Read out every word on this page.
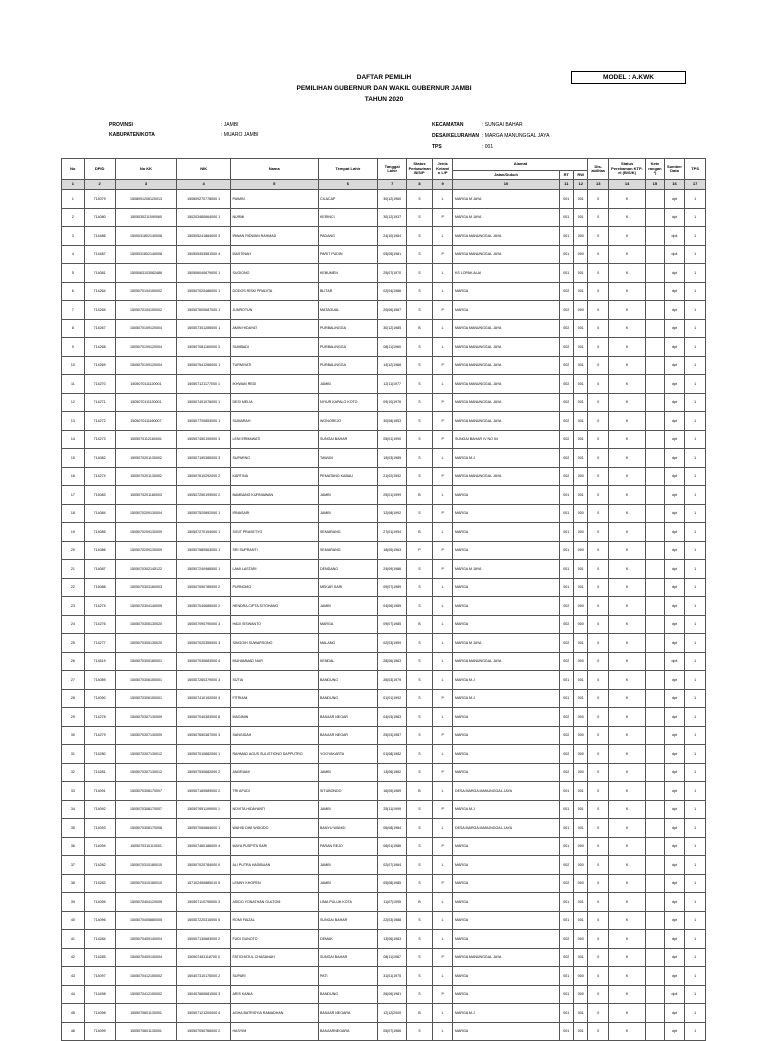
MODEL : A.KWK
DAFTAR PEMILIH
PEMILIHAN GUBERNUR DAN WAKIL GUBERNUR JAMBI
TAHUN 2020
PROVINSI	: JAMBI
KABUPATEN/KOTA	: MUARO JAMBI
KECAMATAN	: SUNGAI BAHAR
DESA/KELURAHAN : MARGA MANUNGGAL JAYA
TPS	: 001
No	DPID	No KK	NIK	Nama	Tempat Lahir	Tanggal Lahir	Status Perkawinan B/S/P	Jenis Kelami n L/P	Alamat			Dis- abilitas	Status Perekaman KTP-el (B/S/K)	Kete rangan *)	Sumber Data	TPS
									Jalan/Dukuh	RT	RW					
1	2	3	4	5	6	7	8	9	10	11	12	13	14	15	16	17
1	714079	1508091206120013	150809270778000 1	PAIMIN	CILACAP	30|12|1960	S	L	MARGA M JAYA	001	001	0	K		dpt	1
2	714080	1505030211090060	150203480664000 1	NURMI	KERINCI	30|12|1937	S	P	MARGA M JAYA	001	001	0	K		dpt	1
3	714486	1505031802140008	150505241884000 3	IRWAN RIDWAN RAHMAD	PADANG	24|10|1984	S	L	MARGA MANUNGGAL JAYA	001	000	0	K		dp4	1
4	714487	1505031802140008	150505453581000 4	MASTINAH	PARIT PUDIN	05|05|1981	S	P	MARGA MANUNGGAL JAYA	001	000	0	K		dp4	1
5	714081	1505063103082486	150506040679000 1	SUGIONO	KEBUMEN	25|07|1970	S	L	KS LOPAK ALAI	001	001	0	K		dpt	1
6	714264	1505070104150002	150507020486000 1	DODOS RISKI PRADITA	BLITAR	02|04|1986	S	L	MARGA	002	001	0	K		dpt	1
7	714265	1505070104150002	150507600687000 1	JUNROTUN	MATAGUAL	20|06|1987	S	P	MARGA	002	000	0	K		dpt	1
8	714267	1505070109120004	150507301285000 1	AMIN HIDAYAT	PURBALINGGA	30|12|1985	B	L	MARGA MANUNGGAL JAYA	002	001	0	K		dpt	1
9	714268	1505070109120004	150507081160000 3	SUMBADI	PURBALINGGA	08|11|1960	S	L	MARGA MANUNGGAL JAYA	002	001	0	K		dpt	1
10	714269	1505070109120004	150507541266000 1	TURMIYATI	PURBALINGGA	14|12|1966	S	P	MARGA MANUNGGAL JAYA	002	001	0	K		dpt	1
11	714270	1505070111120001	150507121177000 1	IKHWAN REDI	JAMBI	12|11|1977	S	L	MARGA MANUNGGAL JAYA	002	001	0	K		dpt	1
12	714271	1505070111120001	150507491076000 1	DESI MELIA	NYIUR KAPALO KOTO	09|10|1976	S	P	MARGA MANUNGGAL JAYA	002	001	0	K		dpt	1
13	714272	1505070111160007	150507700853000 1	SUMARAH	WONOREJO	30|08|1953	S	P	MARGA MANUNGGAL JAYA	002	001	0	K		dpt	1
14	714273	1505070112160001	150507450190000 3	LENI ERMAWATI	SUNGAI BAHAR	05|01|1990	S	P	SUNGAI BAHAR IV NO 54	002	001	0	K		dpt	1
15	714082	1505070201130002	150507190385000 3	SUPARNO	TAWUN	19|03|1985	S	L	MARGA M.J	002	001	0	K		dpt	1
16	714274	1505070201130002	150507610292000 2	KARTINA	PEMATANG KABAU	21|02|1992	S	P	MARGA MANUNGGAL JAYA	002	000	0	K		dpt	1
17	714083	1505070201180003	150507250199000 2	BAMBANG KURNIAWAN	JAMBI	25|01|1999	B	L	MARGA	001	001	0	K		dpt	1
18	714084	1505070209130004	150507520892000 1	IRNASARI	JAMBI	12|08|1992	S	P	MARGA	001	000	0	K		dpt	1
19	714085	1505070209130009	150507270194000 1	SIGIT PRASETYO	SEMARANG	27|01|1994	B	L	MARGA	001	000	0	K		dpt	1
20	714086	1505070209130009	150507580563000 1	SRI SUPRANTI	SEMARANG	18|05|1963	P	P	MARGA	001	000	0	K		dpt	1
21	714087	1505070302145122	150507240986500 1	LAMI LASTARI	DENDANG	24|09|1986	S	P	MARGA M JAYA	001	001	0	K		dpt	1
22	714088	1505070303160003	150507090789000 2	PURNOMO	MEKAR SARI	09|07|1989	S	L	MARGA	001	001	0	K		dpt	1
23	714275	1505070304140005	150507040685000 2	HENDRA CIPTA SITOHANG	JAMBI	04|06|1985	S	L	MARGA	002	000	0	K		dpt	1
24	714276	1505070305130020	150507090790000 3	HADI SISWANTO	MARGA	09|07|1985	B	L	MARGA	002	000	0	K		dpt	1
25	714277	1505070305130020	150507020359000 3	SINGGIH SUWARSONO	MALANG	02|03|1959	S	L	MARGA M JAYA	002	001	0	K		dpt	1
26	714519	1505070305180001	150507030683000 4	MUHAMMAD NUR	KENDAL	28|06|1983	S	L	MARGA MANUNGGAL JAYA	002	000	0	K		dp4	1
27	714089	1505070306150001	150507260379000 3	SUTIA	BANDUNG	26|03|1979	S	L	MARGA M.J	001	001	0	K		dpt	1
28	714090	1505070306150001	150507410192000 4	FITRIANI	BANDUNG	01|01|1992	S	P	MARGA M.J	001	001	0	K		dpt	1
29	714278	1505070307130009	150507040383000 8	MAGIMIN	BANJAR NEGAR	04|03|1983	S	L	MARGA	002	000	0	K		dpt	1
30	714279	1505070307130009	150507650387000 3	SANGIDAH	BANJAR NEGAR	25|03|1987	S	P	MARGA	002	000	0	K		dpt	1
31	714280	1505070307130012	150507010882000 1	RAHMAD AGUS SULISTIONO SAPPUTRO	YOGYAKARTA	01|08|1982	S	L	MARGA	002	000	0	K		dpt	1
32	714281	1505070307130012	150507530682000 2	ANDRIANI	JAMBI	13|06|1982	S	P	MARGA	002	000	0	K		dpt	1
33	714091	1505070308170007	150507160589000 2	TRI AFUDI	SITUBONDO	16|05|1989	B	L	DESA MARGA MANUNGGAL JAYA	001	001	0	K		dpt	1
34	714092	1505070308170007	150507651199000 1	NOVITA HIDAYANTI	JAMBI	25|11|1999	S	P	MARGA M.J	001	001	0	K		dpt	1
35	714093	1505070308170008	150507060884000 1	WAHID DWI WIDODO	BANYU WANGI	06|08|1984	S	L	DESA MARGA MANUNGGAL JAYA	001	001	0	K		dpt	1
36	714094	1505070310110001	150507460186000 4	MAYA PUSPITA SARI	PARAN REJO	06|01|1986	S	P	MARGA	001	000	0	K		dpt	1
37	714282	1505070310180010	150507020784000 0	ALI PUTRA HASIBUAN	JAMBI	02|07|1984	S	L	MARGA	002	000	0	K		dpt	1
38	714283	1505070310180010	157102450885010 5	LENNY KHOPEN	JAMBI	05|08|1985	S	P	MARGA	002	000	0	K		dpt	1
39	714095	1505070404120005	150507110795000 3	ASIDO YONATHAN GULTOM	LIMA PULUH KOTA	11|07|1995	B	L	MARGA	001	001	0	K		dpt	1
40	714096	1505070405880005	150507220315000 5	ROMI FAIZAL	SUNGAI BAHAR	22|03|1988	S	L	MARGA	001	001	0	K		dpt	1
41	714284	1505070409140004	150507130683000 2	FUDI GUNOTO	DEMAK	13|06|1983	S	L	MARGA	002	000	0	K		dpt	1
42	714285	1505070409140004	150507481118700 0	FATICHATUL CHASANAH	SUNGAI BAHAR	08|11|1987	S	P	MARGA MANUNGGAL JAYA	002	001	0	K		dpt	1
43	714097	1505070412150002	150407310175000 2	SUPARI	PATI	31|01|1975	S	L	MARGA	001	000	0	K		dpt	1
44	714498	1505070412150002	150407660681000 3	ARIS KANIA	BANDUNG	26|06|1981	S	P	MARGA	001	000	0	K		dp4	1
45	714098	1505070601130001	150507121200000 4	AGHA BATRISYIA RAMADHAN	BANJAR NEGARA	12|12|2000	B	L	MARGA M.J	001	001	0	K		dpt	1
46	714099	1505070601130001	150507050766000 2	HASYIM	BANJARNEGARA	05|07|1966	S	L	MARGA	001	001	0	K		dpt	1
